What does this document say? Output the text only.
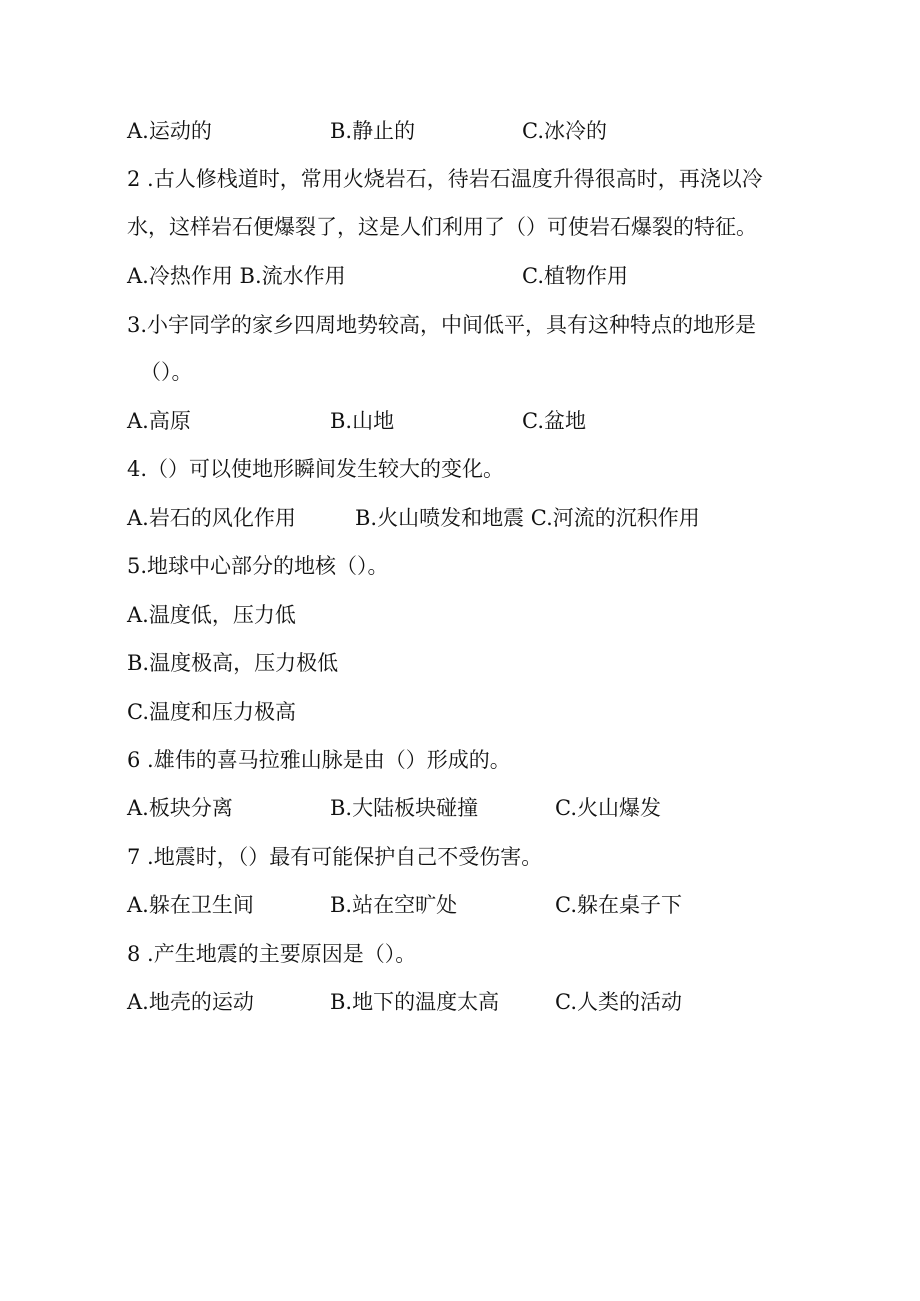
A.运动的	B.静止的	C.冰冷的
2 .古人修栈道时，常用火烧岩石，待岩石温度升得很高时，再浇以冷
水，这样岩石便爆裂了，这是人们利用了（）可使岩石爆裂的特征。
A.冷热作用 B.流水作用	C.植物作用
3.小宇同学的家乡四周地势较高，中间低平，具有这种特点的地形是
（）。
A.高原	B.山地	C.盆地
4.（）可以使地形瞬间发生较大的变化。
A.岩石的风化作用	B.火山喷发和地震 C.河流的沉积作用
5.地球中心部分的地核（）。
A.温度低，压力低
B.温度极高，压力极低
C.温度和压力极高
6 .雄伟的喜马拉雅山脉是由（）形成的。
A.板块分离	B.大陆板块碰撞	C.火山爆发
7 .地震时，（）最有可能保护自己不受伤害。
A.躲在卫生间	B.站在空旷处	C.躲在桌子下
8 .产生地震的主要原因是（）。
A.地壳的运动	B.地下的温度太高	C.人类的活动
